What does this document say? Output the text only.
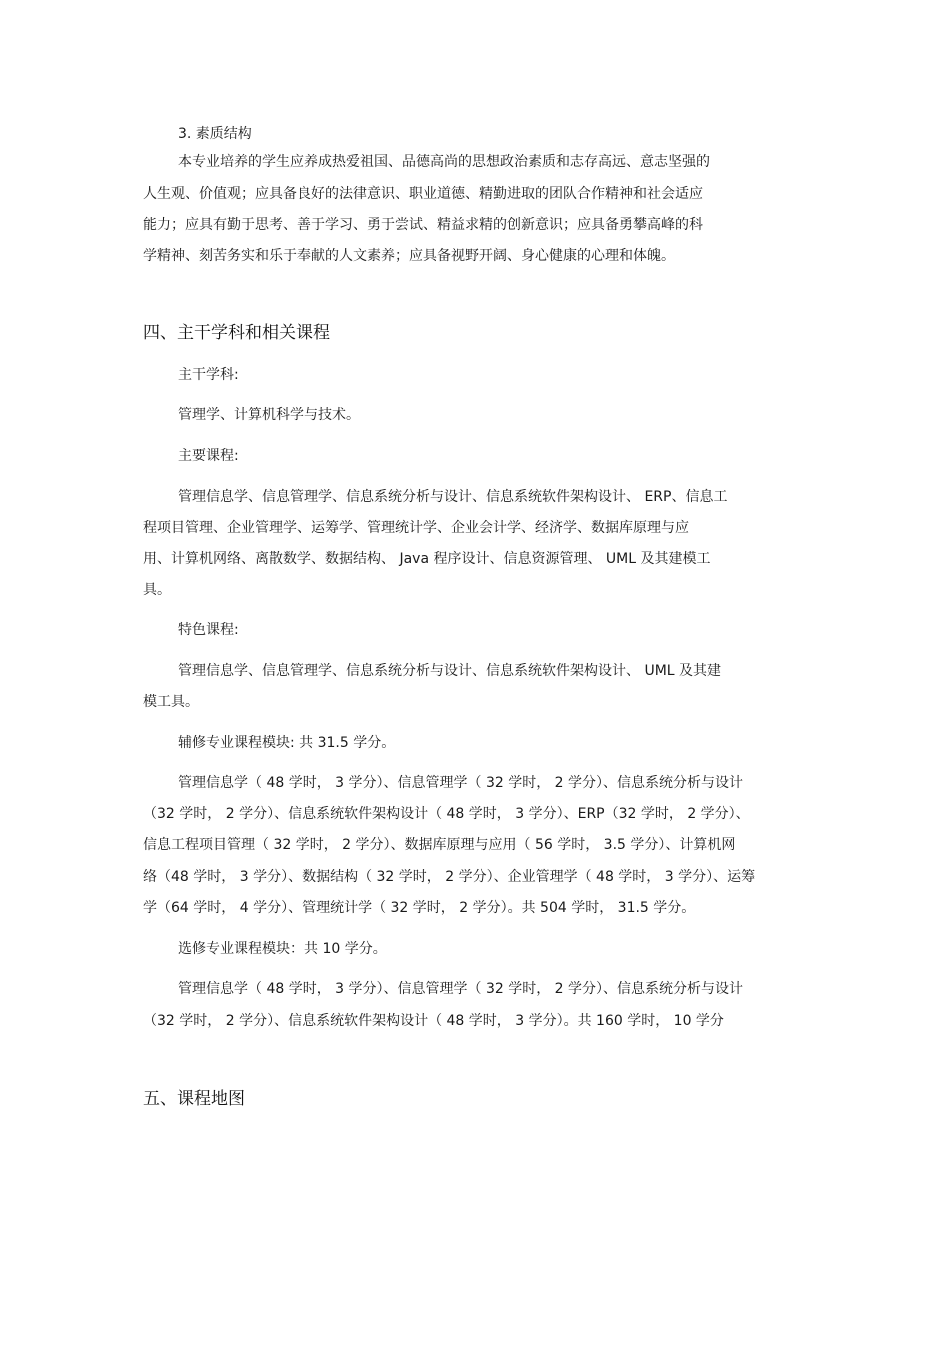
3. 素质结构
本专业培养的学生应养成热爱祖国、品德高尚的思想政治素质和志存高远、意志坚强的
人生观、价值观；应具备良好的法律意识、职业道德、精勤进取的团队合作精神和社会适应
能力；应具有勤于思考、善于学习、勇于尝试、精益求精的创新意识；应具备勇攀高峰的科
学精神、刻苦务实和乐于奉献的人文素养；应具备视野开阔、身心健康的心理和体魄。
四、主干学科和相关课程
主干学科:
管理学、计算机科学与技术。
主要课程:
管理信息学、信息管理学、信息系统分析与设计、信息系统软件架构设计、 ERP、信息工
程项目管理、企业管理学、运筹学、管理统计学、企业会计学、经济学、数据库原理与应
用、计算机网络、离散数学、数据结构、 Java 程序设计、信息资源管理、 UML 及其建模工
具。
特色课程:
管理信息学、信息管理学、信息系统分析与设计、信息系统软件架构设计、 UML 及其建
模工具。
辅修专业课程模块: 共 31.5 学分。
管理信息学（ 48 学时， 3 学分）、信息管理学（ 32 学时， 2 学分）、信息系统分析与设计
（32 学时， 2 学分）、信息系统软件架构设计（ 48 学时， 3 学分）、ERP（32 学时， 2 学分）、
信息工程项目管理（ 32 学时， 2 学分）、数据库原理与应用（ 56 学时， 3.5 学分）、计算机网
络（48 学时， 3 学分）、数据结构（ 32 学时， 2 学分）、企业管理学（ 48 学时， 3 学分）、运筹
学（64 学时， 4 学分）、管理统计学（ 32 学时， 2 学分）。共 504 学时， 31.5 学分。
选修专业课程模块：共 10 学分。
管理信息学（ 48 学时， 3 学分）、信息管理学（ 32 学时， 2 学分）、信息系统分析与设计
（32 学时， 2 学分）、信息系统软件架构设计（ 48 学时， 3 学分）。共 160 学时， 10 学分
五、课程地图
